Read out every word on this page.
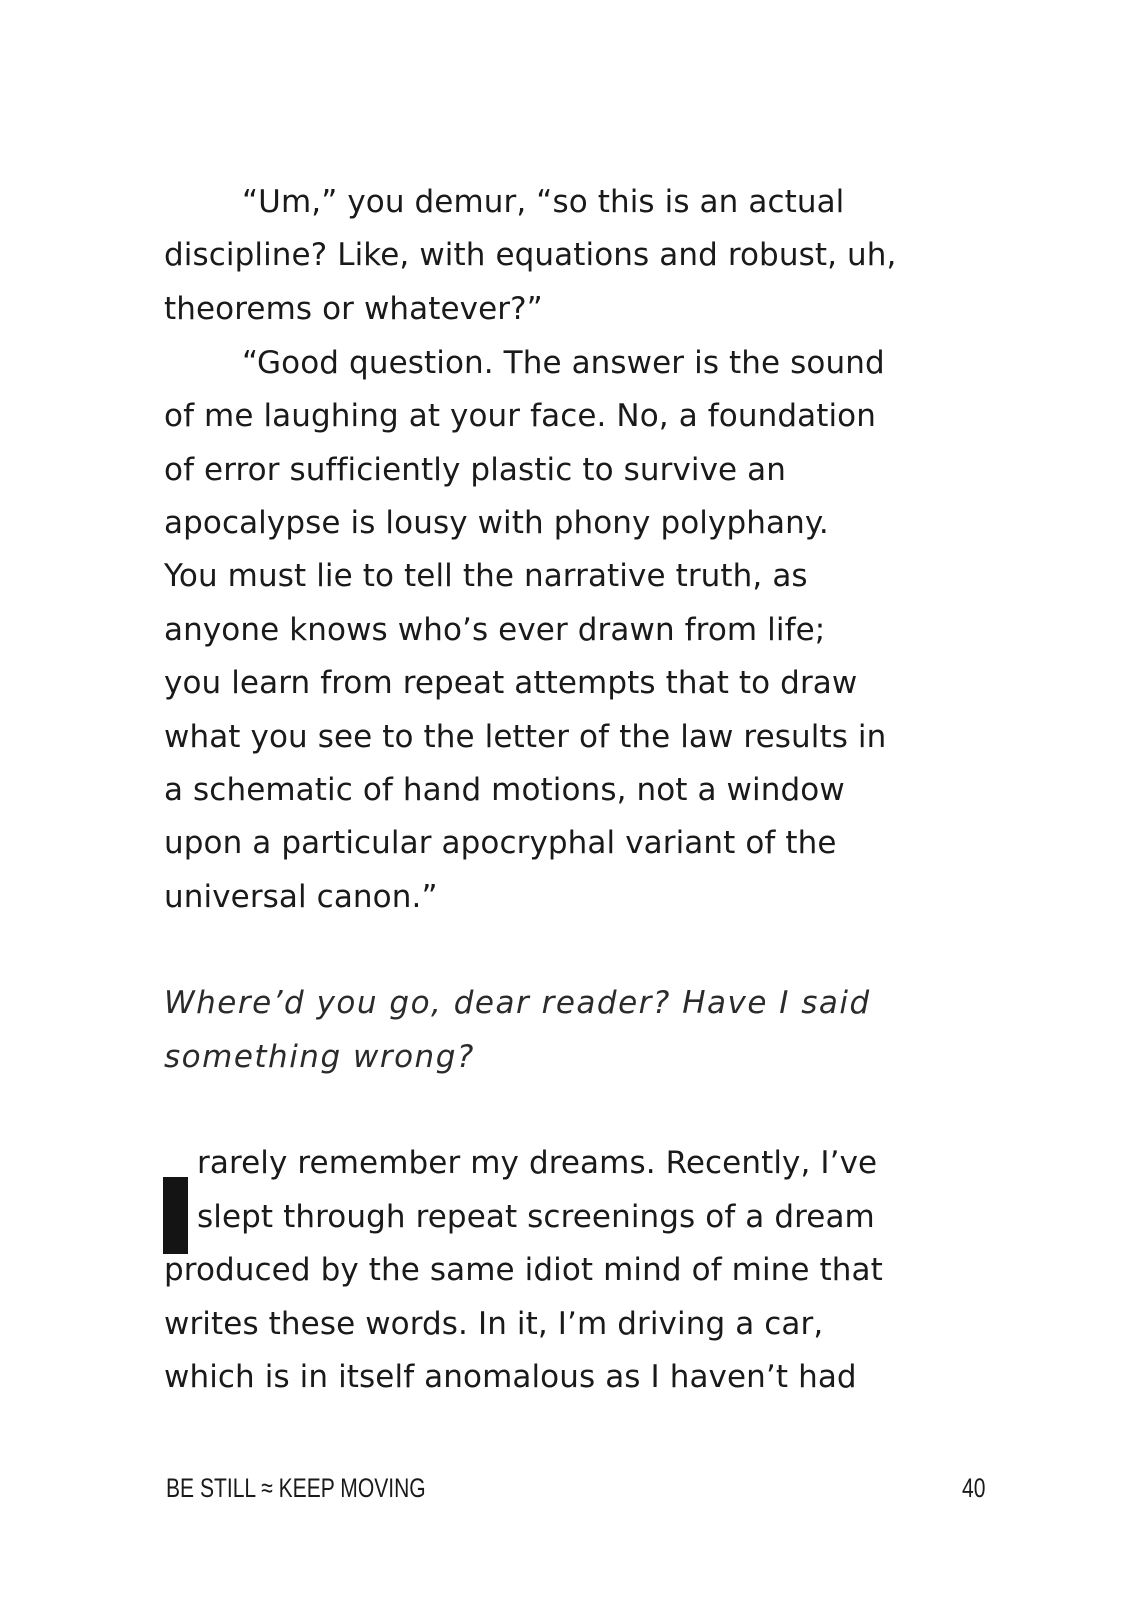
“Um,” you demur, “so this is an actual
discipline? Like, with equations and robust, uh,
theorems or whatever?”
“Good question. The answer is the sound
of me laughing at your face. No, a foundation
of error sufficiently plastic to survive an
apocalypse is lousy with phony polyphany.
You must lie to tell the narrative truth, as
anyone knows who’s ever drawn from life;
you learn from repeat attempts that to draw
what you see to the letter of the law results in
a schematic of hand motions, not a window
upon a particular apocryphal variant of the
universal canon.”
Where’d you go, dear reader? Have I said
something wrong?
rarely remember my dreams. Recently, I’ve
slept through repeat screenings of a dream
produced by the same idiot mind of mine that
writes these words. In it, I’m driving a car,
which is in itself anomalous as I haven’t had
BE STILL ≈ KEEP MOVING	40
